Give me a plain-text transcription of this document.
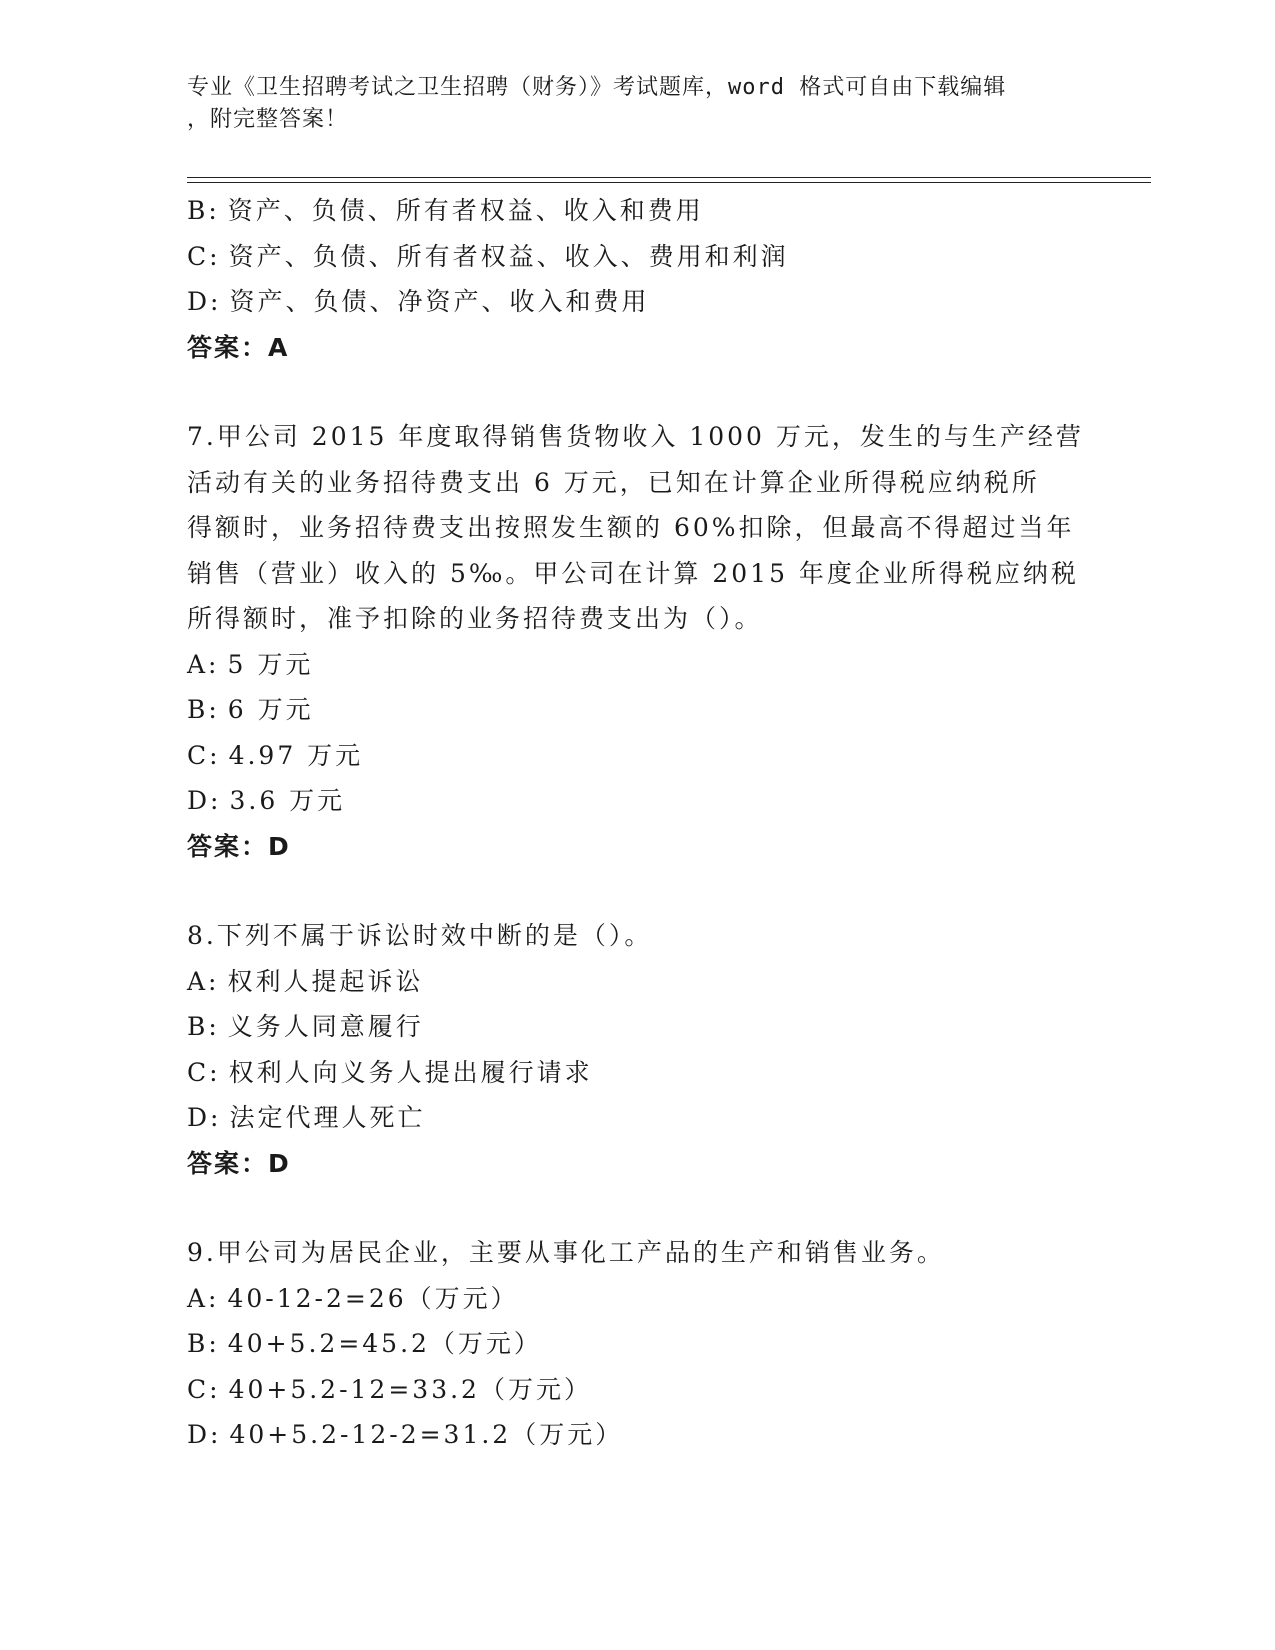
专业《卫生招聘考试之卫生招聘（财务）》考试题库，word 格式可自由下载编辑
，附完整答案！
B: 资产、负债、所有者权益、收入和费用
C: 资产、负债、所有者权益、收入、费用和利润
D: 资产、负债、净资产、收入和费用
答案：A
7.甲公司 2015 年度取得销售货物收入 1000 万元，发生的与生产经营
活动有关的业务招待费支出 6 万元，已知在计算企业所得税应纳税所
得额时，业务招待费支出按照发生额的 60%扣除，但最高不得超过当年
销售（营业）收入的 5‰。甲公司在计算 2015 年度企业所得税应纳税
所得额时，准予扣除的业务招待费支出为（）。
A: 5 万元
B: 6 万元
C: 4.97 万元
D: 3.6 万元
答案：D
8.下列不属于诉讼时效中断的是（）。
A: 权利人提起诉讼
B: 义务人同意履行
C: 权利人向义务人提出履行请求
D: 法定代理人死亡
答案：D
9.甲公司为居民企业，主要从事化工产品的生产和销售业务。
A: 40-12-2=26（万元）
B: 40+5.2=45.2（万元）
C: 40+5.2-12=33.2（万元）
D: 40+5.2-12-2=31.2（万元）
